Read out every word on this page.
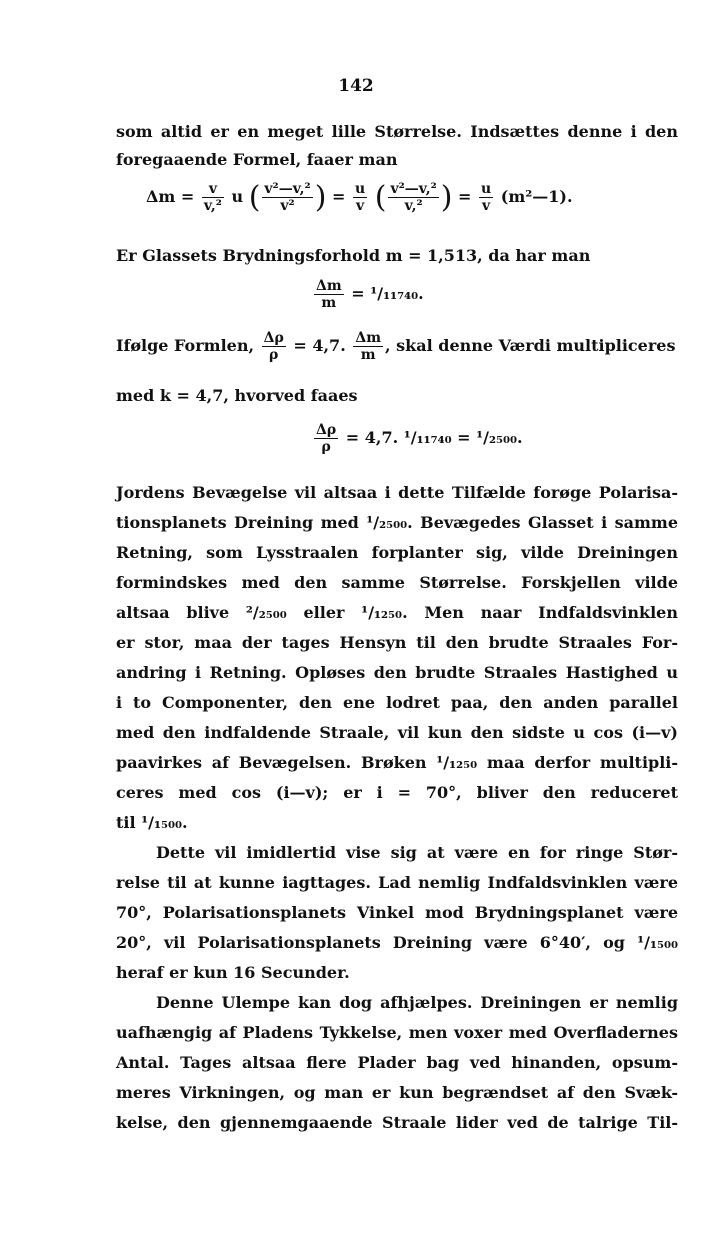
142
som altid er en meget lille Størrelse. Indsættes denne i den
foregaaende Formel, faaer man
$\Delta m = \frac{v}{\text{v,²}}$ u ( $\frac{\text{v²—v,²}}{\text{v²}}$ ) = $\frac{u}{v}$ ( $\frac{\text{v²—v,²}}{\text{v,²}}$ ) = $\frac{u}{v}$ (m²—1).
Er Glassets Brydningsforhold m = 1,513, da har man
$\frac{\Delta m}{m} = ^1/_{11740}$.
Ifølge Formlen, $\frac{\Delta\rho}{\rho} = 4,7$. $\frac{\Delta m}{m}$ , skal denne Værdi multipliceres
med k = 4,7, hvorved faaes
$\frac{\Delta\rho}{\rho} = 4,7$. ¹/₁₁₇₄₀ = ¹/₂₅₀₀.
Jordens Bevægelse vil altsaa i dette Tilfælde forøge Polarisa-
tionsplanets Dreining med ¹/₂₅₀₀. Bevægedes Glasset i samme
Retning, som Lysstraalen forplanter sig, vilde Dreiningen
formindskes med den samme Størrelse. Forskjellen vilde
altsaa blive ²/₂₅₀₀ eller ¹/₁₂₅₀. Men naar Indfaldsvinklen
er stor, maa der tages Hensyn til den brudte Straales For-
andring i Retning. Opløses den brudte Straales Hastighed u
i to Componenter, den ene lodret paa, den anden parallel
med den indfaldende Straale, vil kun den sidste u cos (i—v)
paavirkes af Bevægelsen. Brøken ¹/₁₂₅₀ maa derfor multipli-
ceres med cos (i—v); er i = 70°, bliver den reduceret
til ¹/₁₅₀₀.
Dette vil imidlertid vise sig at være en for ringe Stør-
relse til at kunne iagttages. Lad nemlig Indfaldsvinklen være
70°, Polarisationsplanets Vinkel mod Brydningsplanet være
20°, vil Polarisationsplanets Dreining være 6°40′, og ¹/₁₅₀₀
heraf er kun 16 Secunder.
Denne Ulempe kan dog afhjælpes. Dreiningen er nemlig
uafhængig af Pladens Tykkelse, men voxer med Overfladernes
Antal. Tages altsaa flere Plader bag ved hinanden, opsum-
meres Virkningen, og man er kun begrændset af den Svæk-
kelse, den gjennemgaaende Straale lider ved de talrige Til-
